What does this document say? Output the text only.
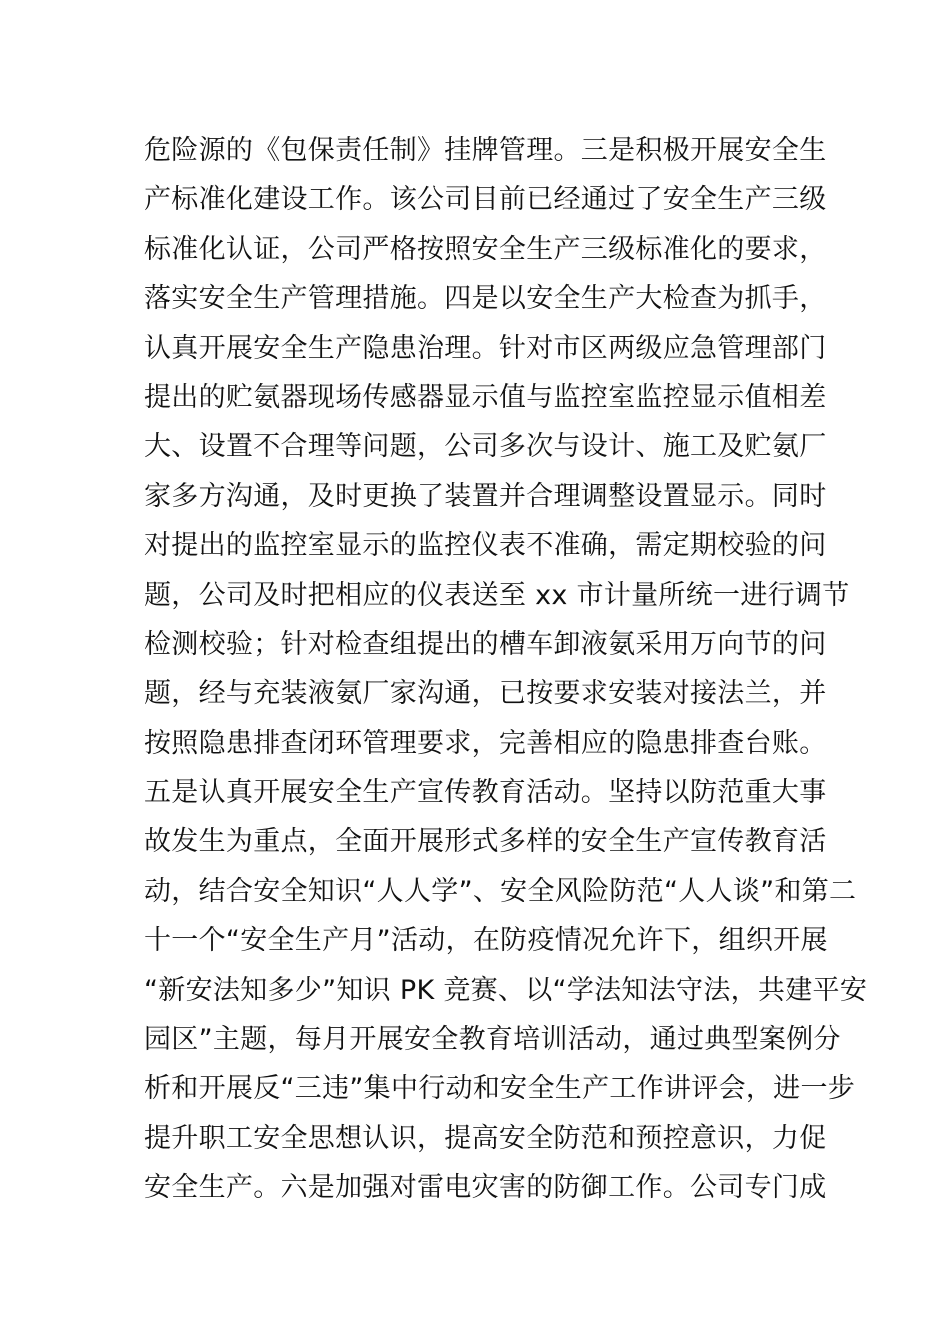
危险源的《包保责任制》挂牌管理。三是积极开展安全生
产标准化建设工作。该公司目前已经通过了安全生产三级
标准化认证，公司严格按照安全生产三级标准化的要求，
落实安全生产管理措施。四是以安全生产大检查为抓手，
认真开展安全生产隐患治理。针对市区两级应急管理部门
提出的贮氨器现场传感器显示值与监控室监控显示值相差
大、设置不合理等问题，公司多次与设计、施工及贮氨厂
家多方沟通，及时更换了装置并合理调整设置显示。同时
对提出的监控室显示的监控仪表不准确，需定期校验的问
题，公司及时把相应的仪表送至 xx 市计量所统一进行调节
检测校验；针对检查组提出的槽车卸液氨采用万向节的问
题，经与充装液氨厂家沟通，已按要求安装对接法兰，并
按照隐患排查闭环管理要求，完善相应的隐患排查台账。
五是认真开展安全生产宣传教育活动。坚持以防范重大事
故发生为重点，全面开展形式多样的安全生产宣传教育活
动，结合安全知识“人人学”、安全风险防范“人人谈”和第二
十一个“安全生产月”活动，在防疫情况允许下，组织开展
“新安法知多少”知识 PK 竞赛、以“学法知法守法，共建平安
园区”主题，每月开展安全教育培训活动，通过典型案例分
析和开展反“三违”集中行动和安全生产工作讲评会，进一步
提升职工安全思想认识，提高安全防范和预控意识，力促
安全生产。六是加强对雷电灾害的防御工作。公司专门成
